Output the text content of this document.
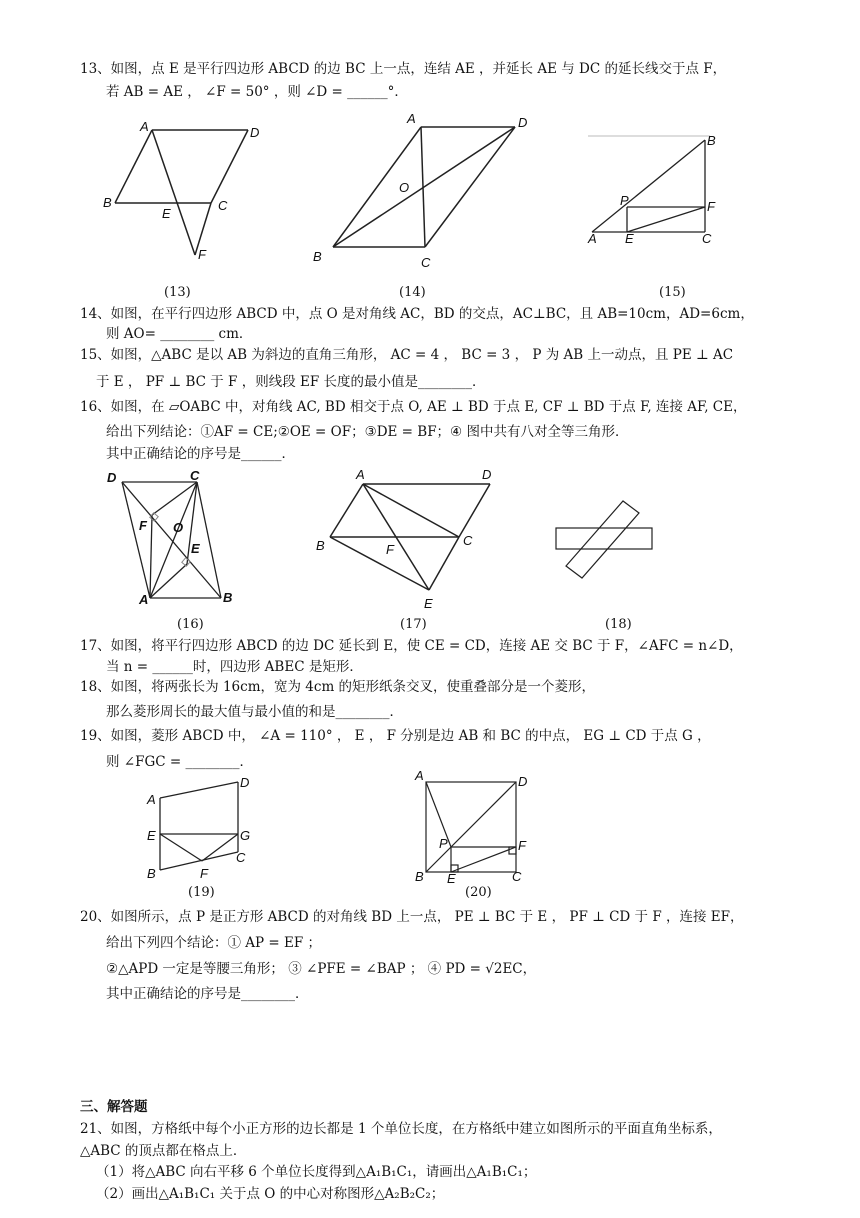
13、如图，点 E 是平行四边形 ABCD 的边 BC 上一点，连结 AE ，并延长 AE 与 DC 的延长线交于点 F，
若 AB = AE ， ∠F = 50° ，则 ∠D = ______°．
A	D
B
E
C
F
(13)
A	D
O
B	C
(14)
B
P	F
A E	C
(15)
14、如图，在平行四边形 ABCD 中，点 O 是对角线 AC，BD 的交点，AC⊥BC，且 AB=10cm，AD=6cm，
则 AO= ________ cm．
15、如图，△ABC 是以 AB 为斜边的直角三角形， AC = 4 ， BC = 3 ， P 为 AB 上一动点，且 PE ⊥ AC
于 E ， PF ⊥ BC 于 F ，则线段 EF 长度的最小值是________．
16、如图，在 ▱OABC 中，对角线 AC, BD 相交于点 O, AE ⊥ BD 于点 E, CF ⊥ BD 于点 F, 连接 AF, CE，
给出下列结论：①AF = CE;②OE = OF；③DE = BF；④ 图中共有八对全等三角形．
其中正确结论的序号是______．
D	C
F O
E
A	B
(16)
A	D
B	F
C
E
(17)	(18)
17、如图，将平行四边形 ABCD 的边 DC 延长到 E，使 CE = CD，连接 AE 交 BC 于 F，∠AFC = n∠D，
当 n = ______时，四边形 ABEC 是矩形．
18、如图，将两张长为 16cm，宽为 4cm 的矩形纸条交叉，使重叠部分是一个菱形，
那么菱形周长的最大值与最小值的和是________．
19、如图，菱形 ABCD 中， ∠A = 110° ， E ， F 分别是边 AB 和 BC 的中点， EG ⊥ CD 于点 G ，
则 ∠FGC = ________．
A
D
E	G
B	F
C
(19)
A	D
P	F
B E	C
(20)
20、如图所示，点 P 是正方形 ABCD 的对角线 BD 上一点， PE ⊥ BC 于 E ， PF ⊥ CD 于 F ，连接 EF，
给出下列四个结论：① AP = EF ；
②△APD 一定是等腰三角形； ③ ∠PFE = ∠BAP ； ④ PD = √2EC，
其中正确结论的序号是________．
三、解答题
21、如图，方格纸中每个小正方形的边长都是 1 个单位长度，在方格纸中建立如图所示的平面直角坐标系，
△ABC 的顶点都在格点上．
（1）将△ABC 向右平移 6 个单位长度得到△A₁B₁C₁，请画出△A₁B₁C₁；
（2）画出△A₁B₁C₁ 关于点 O 的中心对称图形△A₂B₂C₂；
